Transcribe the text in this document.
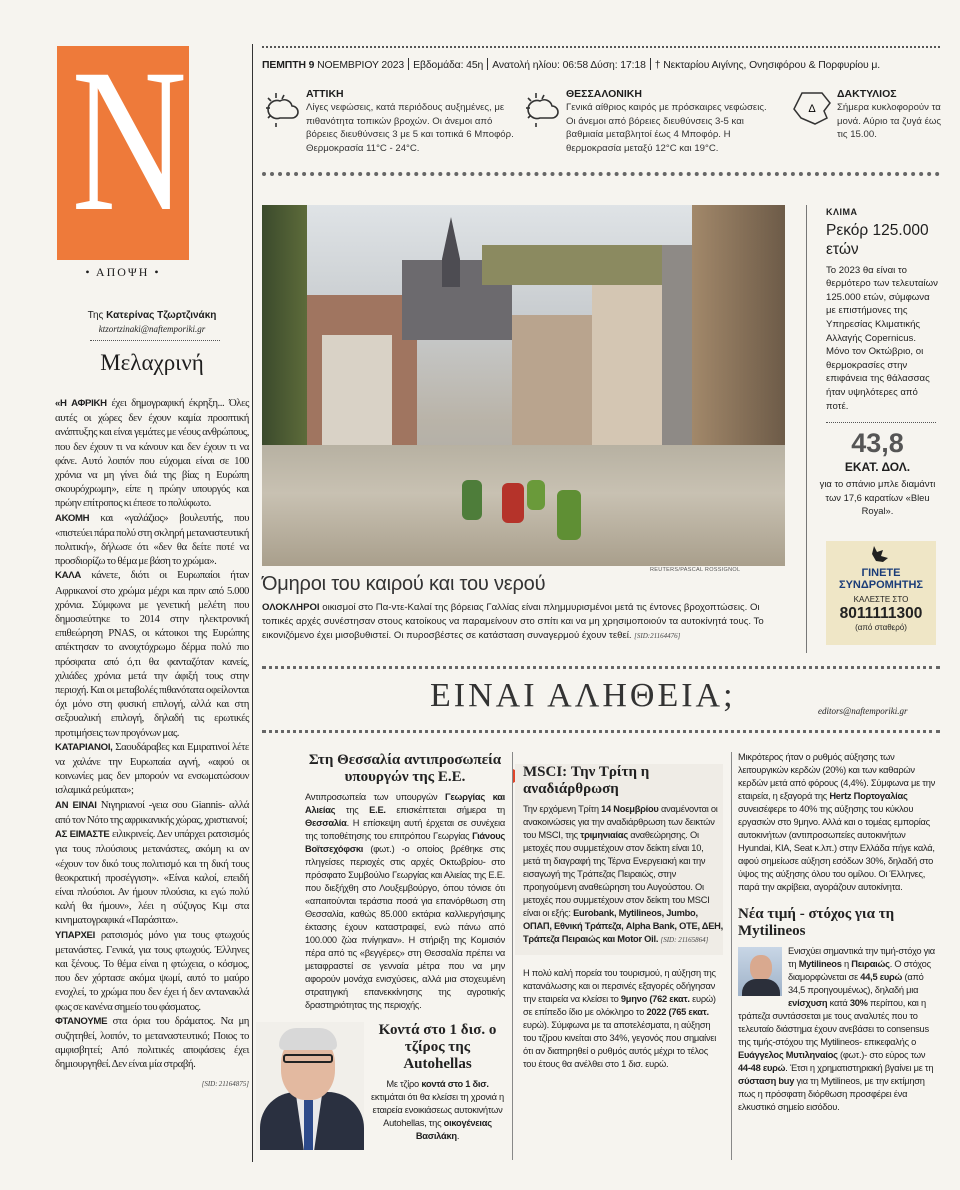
N
• ΑΠΟΨΗ •
Της Κατερίνας Τζωρτζινάκη
ktzortzinaki@naftemporiki.gr
Μελαχρινή

«Η ΑΦΡΙΚΗ έχει δημογραφική έκρηξη... Όλες αυτές οι χώρες δεν έχουν καμία προοπτική ανάπτυξης και είναι γεμάτες με νέους ανθρώπους, που δεν έχουν τι να κάνουν και δεν έχουν τι να φάνε. Αυτό λοιπόν που εύχομαι είναι σε 100 χρόνια να μη γίνει διά της βίας η Ευρώπη σκουρόχρωμη», είπε η πρώην υπουργός και πρώην επίτροπος κι έπεσε το πολύφωτο.

ΑΚΟΜΗ και «γαλάζιος» βουλευτής, που «πιστεύει πάρα πολύ στη σκληρή μεταναστευτική πολιτική», δήλωσε ότι «δεν θα δείτε ποτέ να προσδιορίζω το θέμα με βάση το χρώμα».

ΚΑΛΑ κάνετε, διότι οι Ευρωπαίοι ήταν Αφρικανοί στο χρώμα μέχρι και πριν από 5.000 χρόνια. Σύμφωνα με γενετική μελέτη που δημοσιεύτηκε το 2014 στην ηλεκτρονική επιθεώρηση PNAS, οι κάτοικοι της Ευρώπης απέκτησαν το ανοιχτόχρωμο δέρμα πολύ πιο πρόσφατα από ό,τι θα φανταζόταν κανείς, χιλιάδες χρόνια μετά την άφιξή τους στην περιοχή. Και οι μεταβολές πιθανότατα οφείλονται όχι μόνο στη φυσική επιλογή, αλλά και στη σεξουαλική επιλογή, δηλαδή τις ερωτικές προτιμήσεις των προγόνων μας.

ΚΑΤΑΡΙΑΝΟΙ, Σαουδάραβες και Εμιρατινοί λέτε να χαλάνε την Ευρωπαία αγνή, «αφού οι κοινωνίες μας δεν μπορούν να ενσωματώσουν ισλαμικά ρεύματα»;

ΑΝ ΕΙΝΑΙ Νιγηριανοί -γεια σου Giannis- αλλά από τον Νότο της αφρικανικής χώρας, χριστιανοί;

ΑΣ ΕΙΜΑΣΤΕ ειλικρινείς. Δεν υπάρχει ρατσισμός για τους πλούσιους μετανάστες, ακόμη κι αν «έχουν τον δικό τους πολιτισμό και τη δική τους θεοκρατική προσέγγιση». «Είναι καλοί, επειδή είναι πλούσιοι. Αν ήμουν πλούσια, κι εγώ πολύ καλή θα ήμουν», λέει η σύζυγος Κιμ στα κινηματογραφικά «Παράσιτα».

ΥΠΑΡΧΕΙ ρατσισμός μόνο για τους φτωχούς μετανάστες. Γενικά, για τους φτωχούς. Έλληνες και ξένους. Το θέμα είναι η φτώχεια, ο κόσμος, που δεν χόρτασε ακόμα ψωμί, αυτό το μαύρο ενοχλεί, το χρώμα που δεν έχει ή δεν αντανακλά φως σε κανένα σημείο του φάσματος.

ΦΤΑΝΟΥΜΕ στα όρια του δράματος. Να μη συζητηθεί, λοιπόν, το μεταναστευτικό; Ποιος το αμφισβητεί; Από πολιτικές αποφάσεις έχει δημιουργηθεί. Δεν είναι μία στραβή.

[SID: 21164875]

ΠΕΜΠΤΗ 9 ΝΟΕΜΒΡΙΟΥ 2023 Εβδομάδα: 45η Ανατολή ηλίου: 06:58 Δύση: 17:18 † Νεκταρίου Αιγίνης, Ονησιφόρου & Πορφυρίου μ.
ΑΤΤΙΚΗ

Λίγες νεφώσεις, κατά περιόδους αυξημένες, με πιθανότητα τοπικών βροχών. Οι άνεμοι από βόρειες διευθύνσεις 3 με 5 και τοπικά 6 Μποφόρ. Θερμοκρασία 11°C - 24°C.

ΘΕΣΣΑΛΟΝΙΚΗ

Γενικά αίθριος καιρός με πρόσκαιρες νεφώσεις. Οι άνεμοι από βόρειες διευθύνσεις 3-5 και βαθμιαία μεταβλητοί έως 4 Μποφόρ. Η θερμοκρασία μεταξύ 12°C και 19°C.

Δ
ΔΑΚΤΥΛΙΟΣ

Σήμερα κυκλοφορούν τα μονά. Αύριο τα ζυγά έως τις 15.00.

REUTERS/PASCAL ROSSIGNOL
Όμηροι του καιρού και του νερού
ΟΛΟΚΛΗΡΟΙ οικισμοί στο Πα-ντε-Καλαί της βόρειας Γαλλίας είναι πλημμυρισμένοι μετά τις έντονες βροχοπτώσεις. Οι τοπικές αρχές συνέστησαν στους κατοίκους να παραμείνουν στο σπίτι και να μη χρησιμοποιούν τα αυτοκίνητά τους. Το εικονιζόμενο έχει μισοβυθιστεί. Οι πυροσβέστες σε κατάσταση συναγερμού έχουν τεθεί. [SID:21164476]
ΚΛΙΜΑ
Ρεκόρ 125.000 ετών
Το 2023 θα είναι το θερμότερο των τελευταίων 125.000 ετών, σύμφωνα με επιστήμονες της Υπηρεσίας Κλιματικής Αλλαγής Copernicus. Μόνο τον Οκτώβριο, οι θερμοκρασίες στην επιφάνεια της θάλασσας ήταν υψηλότερες από ποτέ.
43,8
ΕΚΑΤ. ΔΟΛ.
για το σπάνιο μπλε διαμάντι των 17,6 καρατίων «Bleu Royal».
ΓΙΝΕΤΕ
ΣΥΝΔΡΟΜΗΤΗΣ
ΚΑΛΕΣΤΕ ΣΤΟ
8011111300
(από σταθερό)
ΕΙΝΑΙ ΑΛΗΘΕΙΑ;	editors@naftemporiki.gr
Στη Θεσσαλία αντιπροσωπεία υπουργών της Ε.Ε.

Αντιπροσωπεία των υπουργών Γεωργίας και Αλιείας της Ε.Ε. επισκέπτεται σήμερα τη Θεσσαλία. Η επίσκεψη αυτή έρχεται σε συνέχεια της τοποθέτησης του επιτρόπου Γεωργίας Γιάνους Βοϊτσεχόφσκι (φωτ.) -ο οποίος βρέθηκε στις πληγείσες περιοχές στις αρχές Οκτωβρίου- στο πρόσφατο Συμβούλιο Γεωργίας και Αλιείας της Ε.Ε. που διεξήχθη στο Λουξεμβούργο, όπου τόνισε ότι «απαιτούνται τεράστια ποσά για επανόρθωση στη Θεσσαλία, καθώς 85.000 εκτάρια καλλιεργήσιμης έκτασης έχουν καταστραφεί, ενώ πάνω από 100.000 ζώα πνίγηκαν». Η στήριξη της Κομισιόν πέρα από τις «βεγγέρες» στη Θεσσαλία πρέπει να μεταφραστεί σε γενναία μέτρα που να μην αφορούν μονάχα ενισχύσεις, αλλά μια στοχευμένη στρατηγική επανεκκίνησης της αγροτικής δραστηριότητας της περιοχής.

Κοντά στο 1 δισ. ο τζίρος της Autohellas

Με τζίρο κοντά στο 1 δισ. εκτιμάται ότι θα κλείσει τη χρονιά η εταιρεία ενοικιάσεως αυτοκινήτων Autohellas, της οικογένειας Βασιλάκη.

MSCI: Την Τρίτη η αναδιάρθρωση

Την ερχόμενη Τρίτη 14 Νοεμβρίου αναμένονται οι ανακοινώσεις για την αναδιάρθρωση των δεικτών του MSCI, της τριμηνιαίας αναθεώρησης. Οι μετοχές που συμμετέχουν στον δείκτη είναι 10, μετά τη διαγραφή της Τέρνα Ενεργειακή και την εισαγωγή της Τράπεζας Πειραιώς, στην προηγούμενη αναθεώρηση του Αυγούστου. Οι μετοχές που συμμετέχουν στον δείκτη του MSCI είναι οι εξής: Eurobank, Mytilineos, Jumbo, ΟΠΑΠ, Εθνική Τράπεζα, Alpha Bank, ΟΤΕ, ΔΕΗ, Τράπεζα Πειραιώς και Motor Oil. [SID: 21165864]

Η πολύ καλή πορεία του τουρισμού, η αύξηση της κατανάλωσης και οι περσινές εξαγορές οδήγησαν την εταιρεία να κλείσει το 9μηνο (762 εκατ. ευρώ) σε επίπεδο ίδιο με ολόκληρο το 2022 (765 εκατ. ευρώ). Σύμφωνα με τα αποτελέσματα, η αύξηση του τζίρου κινείται στο 34%, γεγονός που σημαίνει ότι αν διατηρηθεί ο ρυθμός αυτός μέχρι το τέλος του έτους θα ανέλθει στο 1 δισ. ευρώ.

Μικρότερος ήταν ο ρυθμός αύξησης των λειτουργικών κερδών (20%) και των καθαρών κερδών μετά από φόρους (4,4%). Σύμφωνα με την εταιρεία, η εξαγορά της Hertz Πορτογαλίας συνεισέφερε το 40% της αύξησης του κύκλου εργασιών στο 9μηνο. Αλλά και ο τομέας εμπορίας αυτοκινήτων (αντιπροσωπείες αυτοκινήτων Hyundai, KIA, Seat κ.λπ.) στην Ελλάδα πήγε καλά, αφού σημείωσε αύξηση εσόδων 30%, δηλαδή στο ύψος της αύξησης όλου του ομίλου. Οι Έλληνες, παρά την ακρίβεια, αγοράζουν αυτοκίνητα.

Νέα τιμή - στόχος για τη Mytilineos

Ενισχύει σημαντικά την τιμή-στόχο για τη Mytilineos η Πειραιώς. Ο στόχος διαμορφώνεται σε 44,5 ευρώ (από 34,5 προηγουμένως), δηλαδή μια ενίσχυση κατά 30% περίπου, και η τράπεζα συντάσσεται με τους αναλυτές που το τελευταίο διάστημα έχουν ανεβάσει το consensus της τιμής-στόχου της Mytilineos- επικεφαλής ο Ευάγγελος Μυτιληναίος (φωτ.)- στο εύρος των 44-48 ευρώ. Έτσι η χρηματιστηριακή βγαίνει με τη σύσταση buy για τη Mytilineos, με την εκτίμηση πως η πρόσφατη διόρθωση προσφέρει ένα ελκυστικό σημείο εισόδου.
